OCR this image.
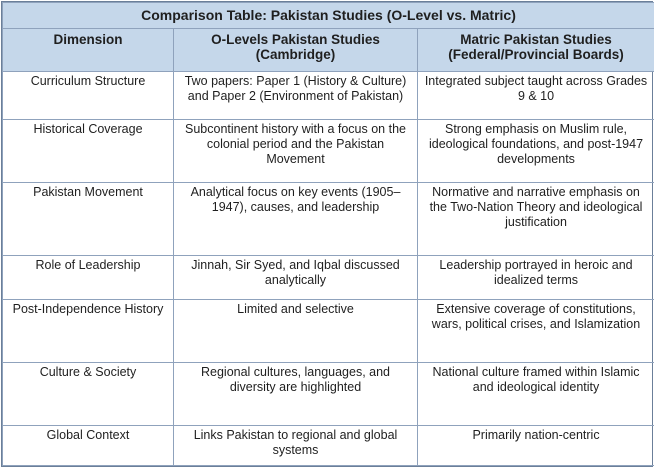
Comparison Table: Pakistan Studies (O-Level vs. Matric)		
Dimension	O-Levels Pakistan Studies (Cambridge)	Matric Pakistan Studies (Federal/Provincial Boards)
Curriculum Structure	Two papers: Paper 1 (History & Culture) and Paper 2 (Environment of Pakistan)	Integrated subject taught across Grades 9 & 10
Historical Coverage	Subcontinent history with a focus on the colonial period and the Pakistan Movement	Strong emphasis on Muslim rule, ideological foundations, and post-1947 developments
Pakistan Movement	Analytical focus on key events (1905–1947), causes, and leadership	Normative and narrative emphasis on the Two-Nation Theory and ideological justification
Role of Leadership	Jinnah, Sir Syed, and Iqbal discussed analytically	Leadership portrayed in heroic and idealized terms
Post-Independence History	Limited and selective	Extensive coverage of constitutions, wars, political crises, and Islamization
Culture & Society	Regional cultures, languages, and diversity are highlighted	National culture framed within Islamic and ideological identity
Global Context	Links Pakistan to regional and global systems	Primarily nation-centric
